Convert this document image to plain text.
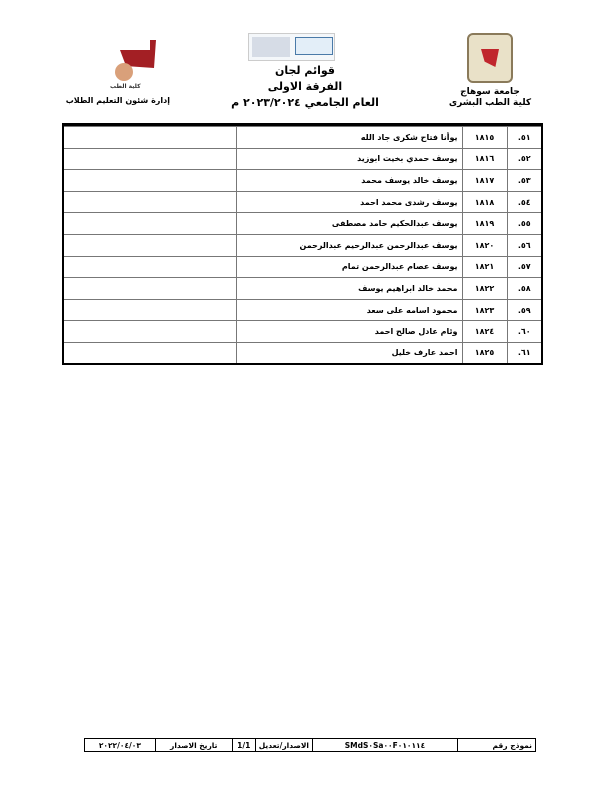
جامعة سوهاج
كلية الطب البشرى
كلية الطب
إدارة شئون التعليم الطلاب
قوائم لجان
الفرقة الاولى
العام الجامعي ٢٠٢٣/٢٠٢٤ م
٥١.	١٨١٥	يوأنا فتاح شكرى جاد الله	
٥٢.	١٨١٦	يوسف حمدي بخيت ابوزيد	
٥٣.	١٨١٧	يوسف خالد يوسف محمد	
٥٤.	١٨١٨	يوسف رشدى محمد احمد	
٥٥.	١٨١٩	يوسف عبدالحكيم حامد مصطفى	
٥٦.	١٨٢٠	يوسف عبدالرحمن عبدالرحيم عبدالرحمن	
٥٧.	١٨٢١	يوسف عصام عبدالرحمن تمام	
٥٨.	١٨٢٢	محمد خالد ابراهيم يوسف	
٥٩.	١٨٢٣	محمود اسامه على سعد	
٦٠.	١٨٢٤	وئام عادل صالح احمد	
٦١.	١٨٢٥	احمد عارف خليل	
نموذج رقم	SMdS٠Sa٠٠F٠١٠١١٤	الاصدار/تعديل	1/1	تاريخ الاصدار	٢٠٢٢/٠٤/٠٣
